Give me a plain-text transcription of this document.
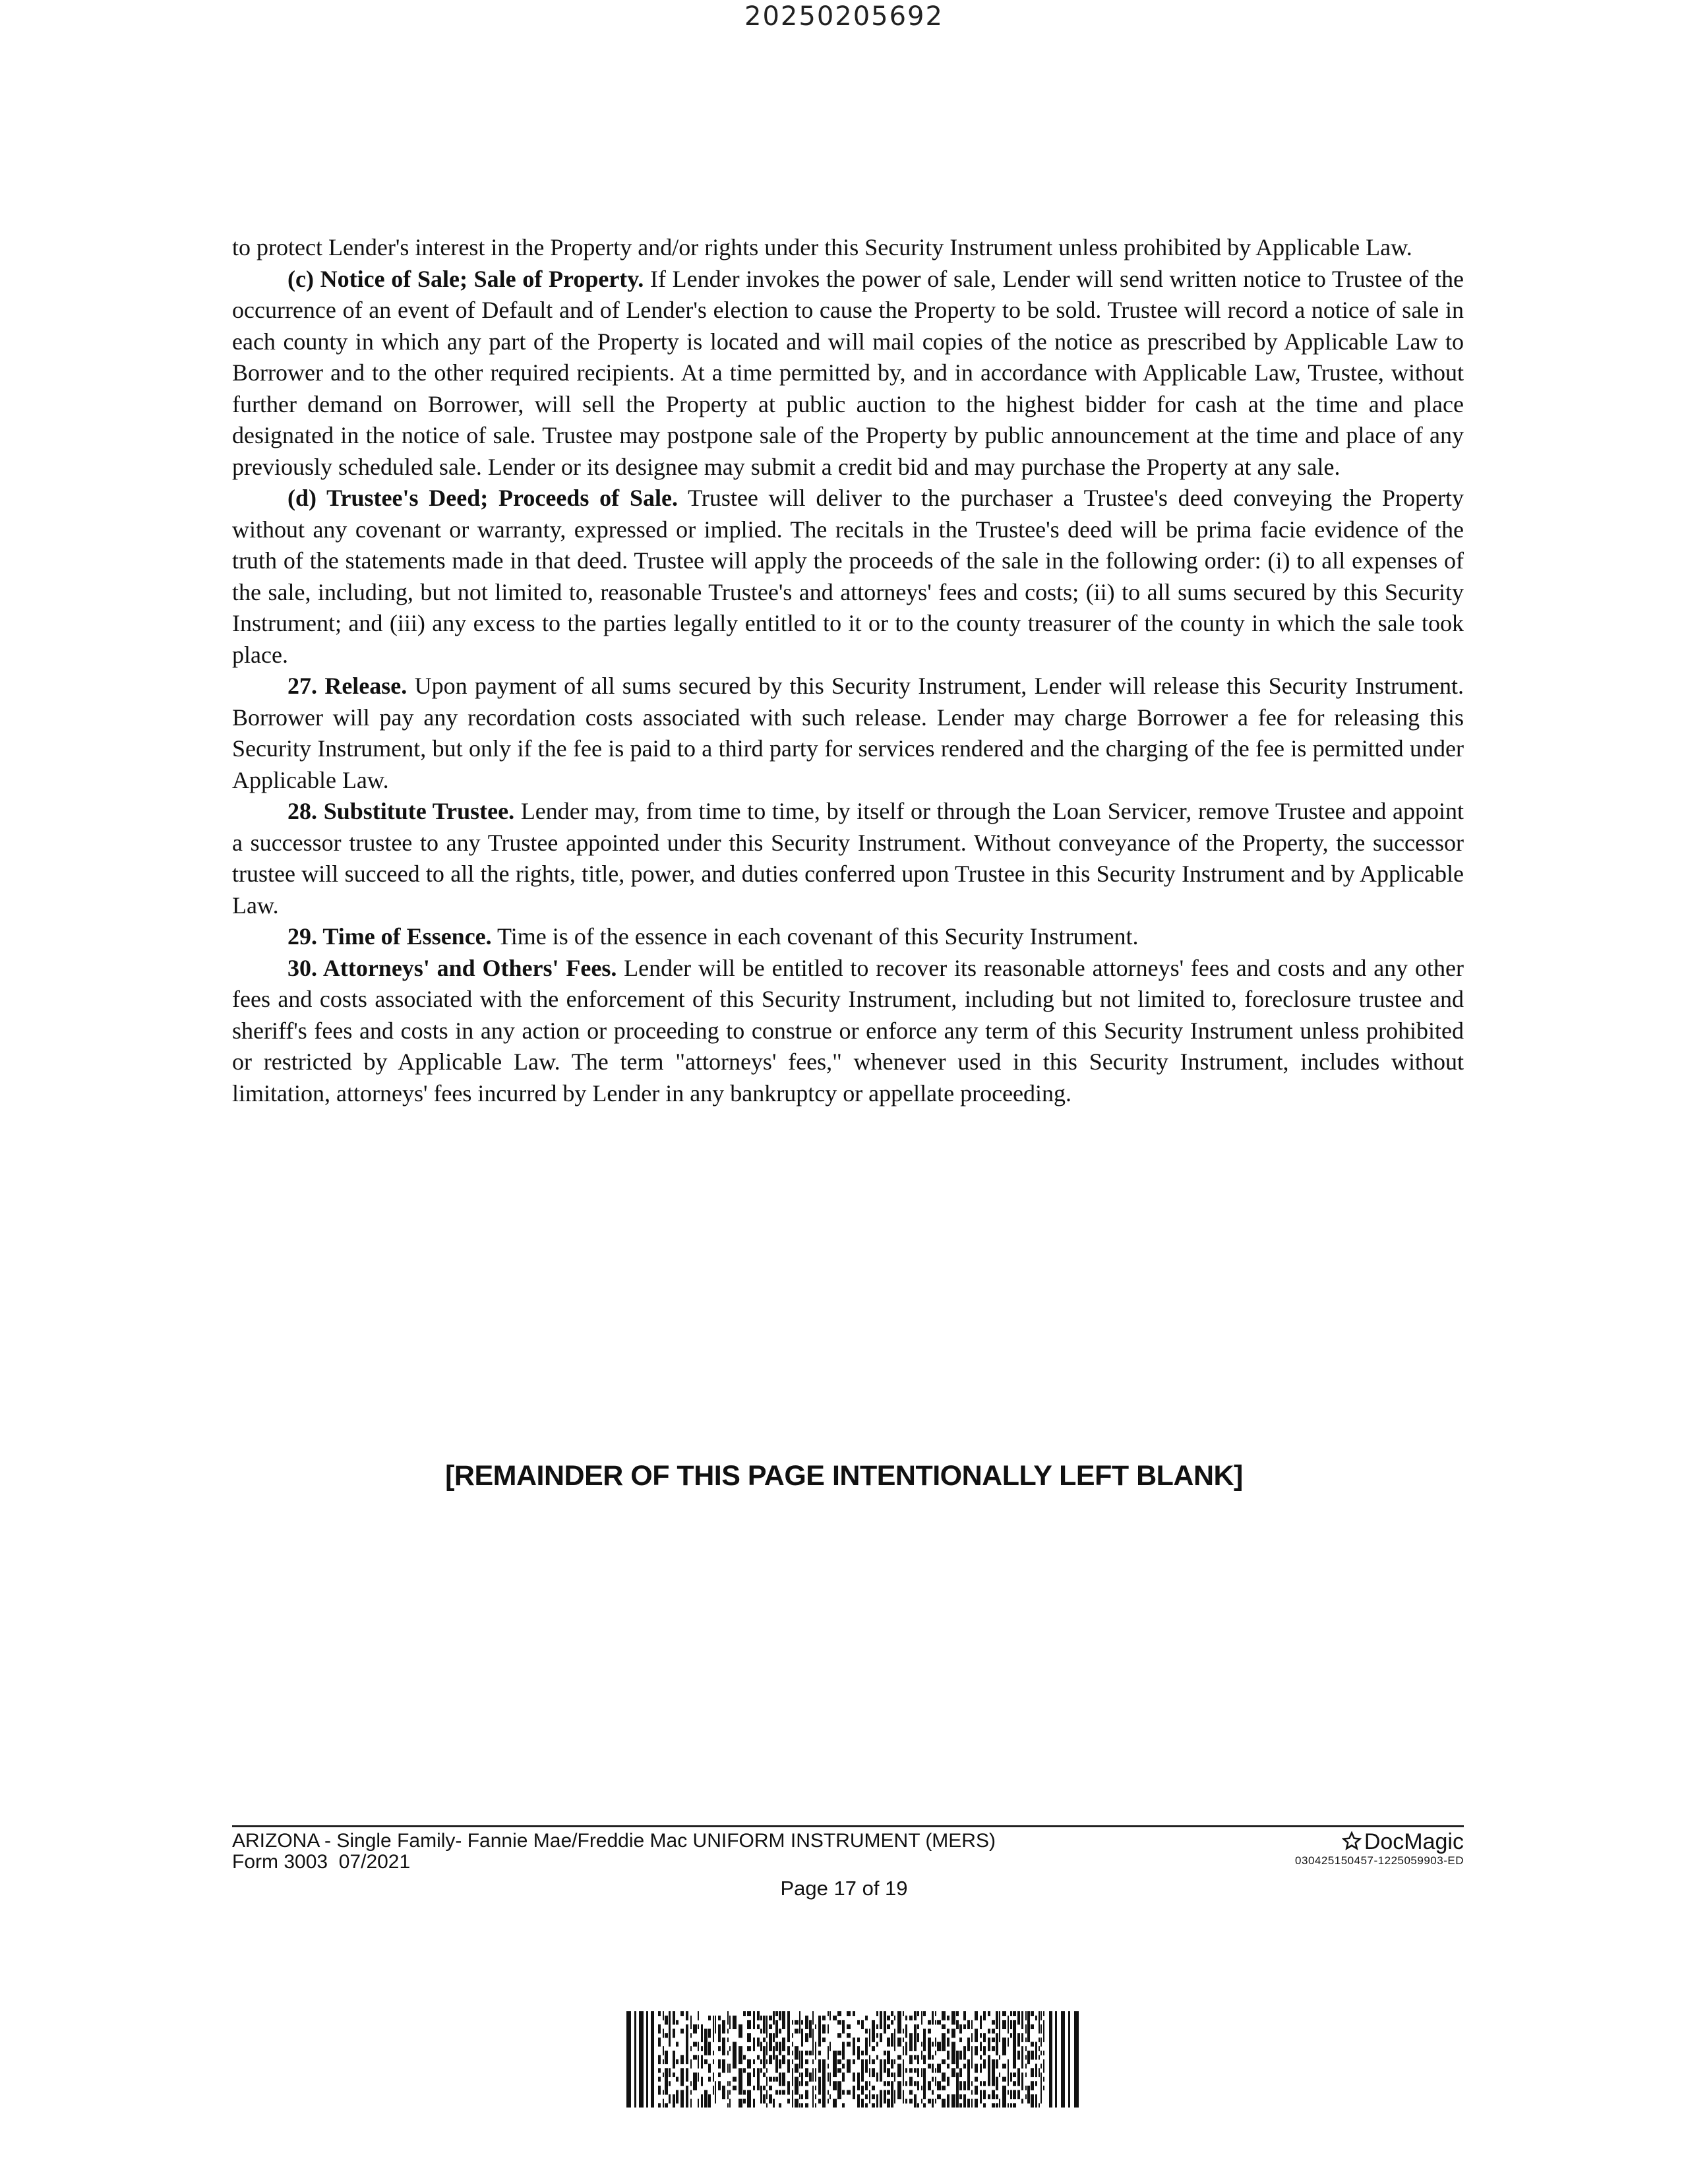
20250205692

to protect Lender's interest in the Property and/or rights under this Security Instrument unless prohibited by Applicable Law.

(c) Notice of Sale; Sale of Property. If Lender invokes the power of sale, Lender will send written notice to Trustee of the occurrence of an event of Default and of Lender's election to cause the Property to be sold. Trustee will record a notice of sale in each county in which any part of the Property is located and will mail copies of the notice as prescribed by Applicable Law to Borrower and to the other required recipients. At a time permitted by, and in accordance with Applicable Law, Trustee, without further demand on Borrower, will sell the Property at public auction to the highest bidder for cash at the time and place designated in the notice of sale. Trustee may postpone sale of the Property by public announcement at the time and place of any previously scheduled sale. Lender or its designee may submit a credit bid and may purchase the Property at any sale.

(d) Trustee's Deed; Proceeds of Sale. Trustee will deliver to the purchaser a Trustee's deed conveying the Property without any covenant or warranty, expressed or implied. The recitals in the Trustee's deed will be prima facie evidence of the truth of the statements made in that deed. Trustee will apply the proceeds of the sale in the following order: (i) to all expenses of the sale, including, but not limited to, reasonable Trustee's and attorneys' fees and costs; (ii) to all sums secured by this Security Instrument; and (iii) any excess to the parties legally entitled to it or to the county treasurer of the county in which the sale took place.

27. Release. Upon payment of all sums secured by this Security Instrument, Lender will release this Security Instrument. Borrower will pay any recordation costs associated with such release. Lender may charge Borrower a fee for releasing this Security Instrument, but only if the fee is paid to a third party for services rendered and the charging of the fee is permitted under Applicable Law.

28. Substitute Trustee. Lender may, from time to time, by itself or through the Loan Servicer, remove Trustee and appoint a successor trustee to any Trustee appointed under this Security Instrument. Without conveyance of the Property, the successor trustee will succeed to all the rights, title, power, and duties conferred upon Trustee in this Security Instrument and by Applicable Law.

29. Time of Essence. Time is of the essence in each covenant of this Security Instrument.

30. Attorneys' and Others' Fees. Lender will be entitled to recover its reasonable attorneys' fees and costs and any other fees and costs associated with the enforcement of this Security Instrument, including but not limited to, foreclosure trustee and sheriff's fees and costs in any action or proceeding to construe or enforce any term of this Security Instrument unless prohibited or restricted by Applicable Law. The term "attorneys' fees," whenever used in this Security Instrument, includes without limitation, attorneys' fees incurred by Lender in any bankruptcy or appellate proceeding.

[REMAINDER OF THIS PAGE INTENTIONALLY LEFT BLANK]
ARIZONA - Single Family- Fannie Mae/Freddie Mac UNIFORM INSTRUMENT (MERS)
Form 3003  07/2021
DocMagic
030425150457-1225059903-ED
Page 17 of 19
